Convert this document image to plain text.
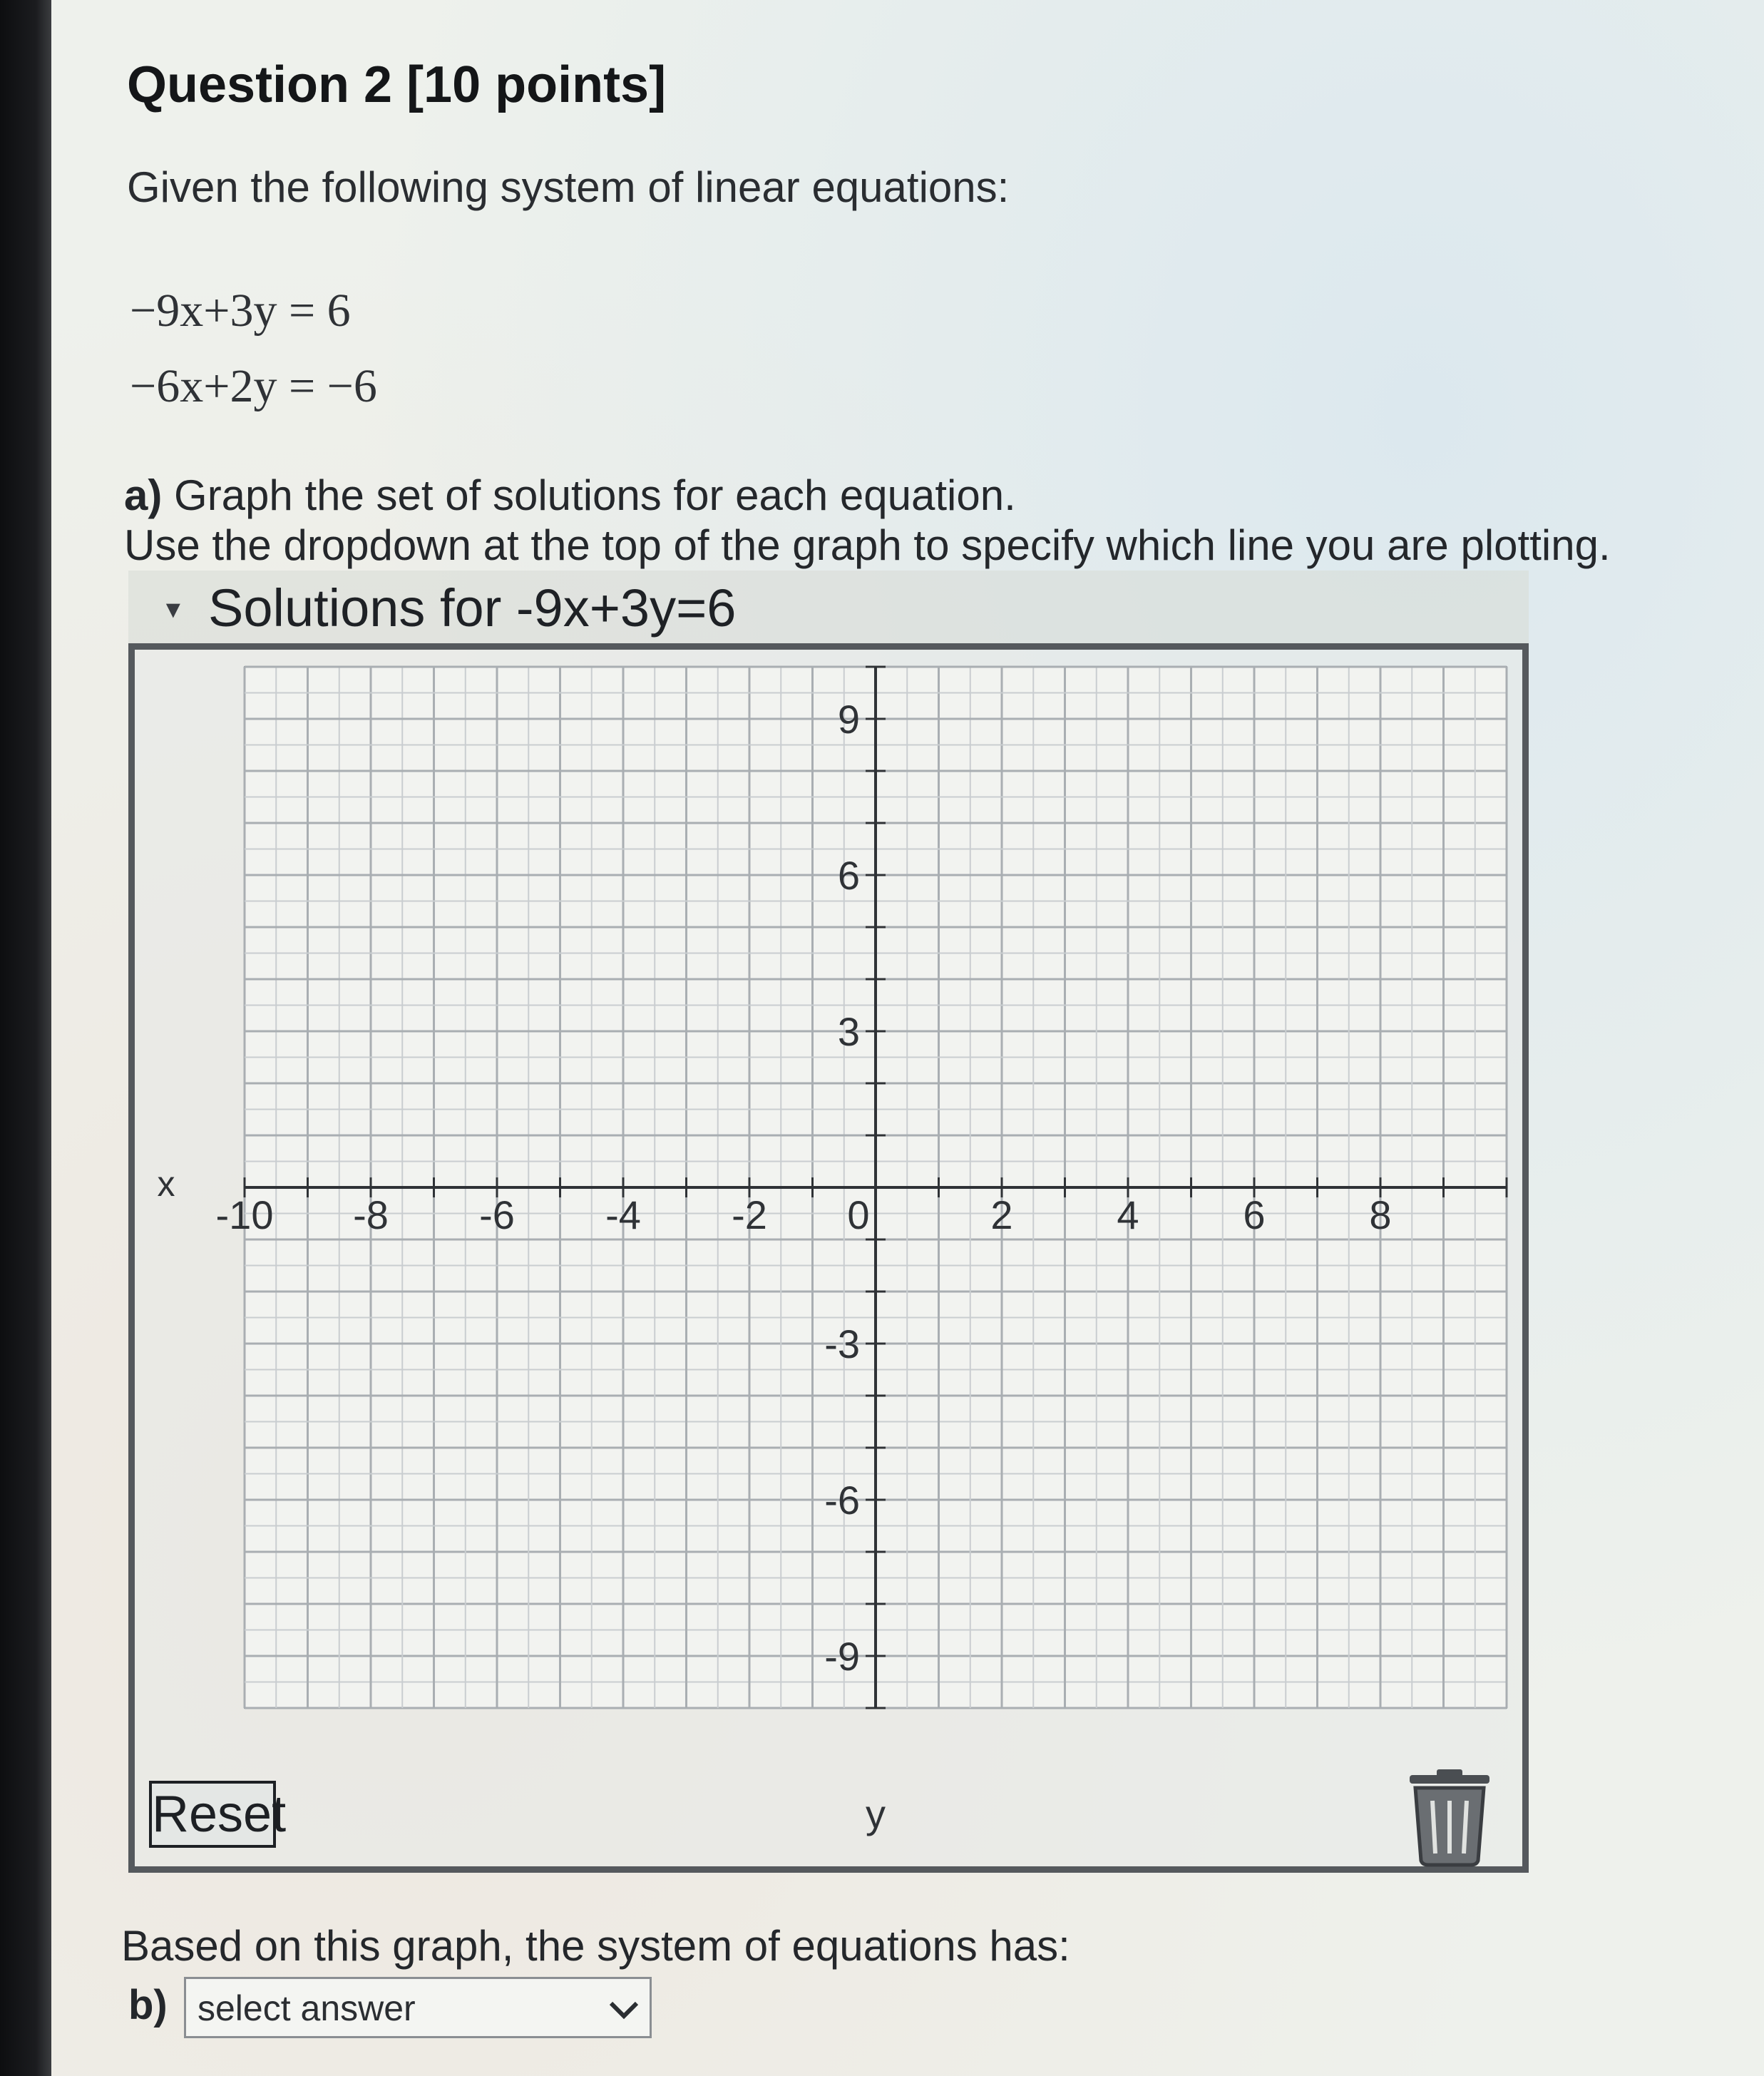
Question 2 [10 points]
Given the following system of linear equations:
−9x+3y = 6
−6x+2y = −6
a) Graph the set of solutions for each equation.
Use the dropdown at the top of the graph to specify which line you are plotting.
▼ Solutions for -9x+3y=6
-10 -8 -6 -4 -2 0	2	4	6	8
9
6
3
-3
-6
-9
x
y
Reset
Based on this graph, the system of equations has:
b) select answer
